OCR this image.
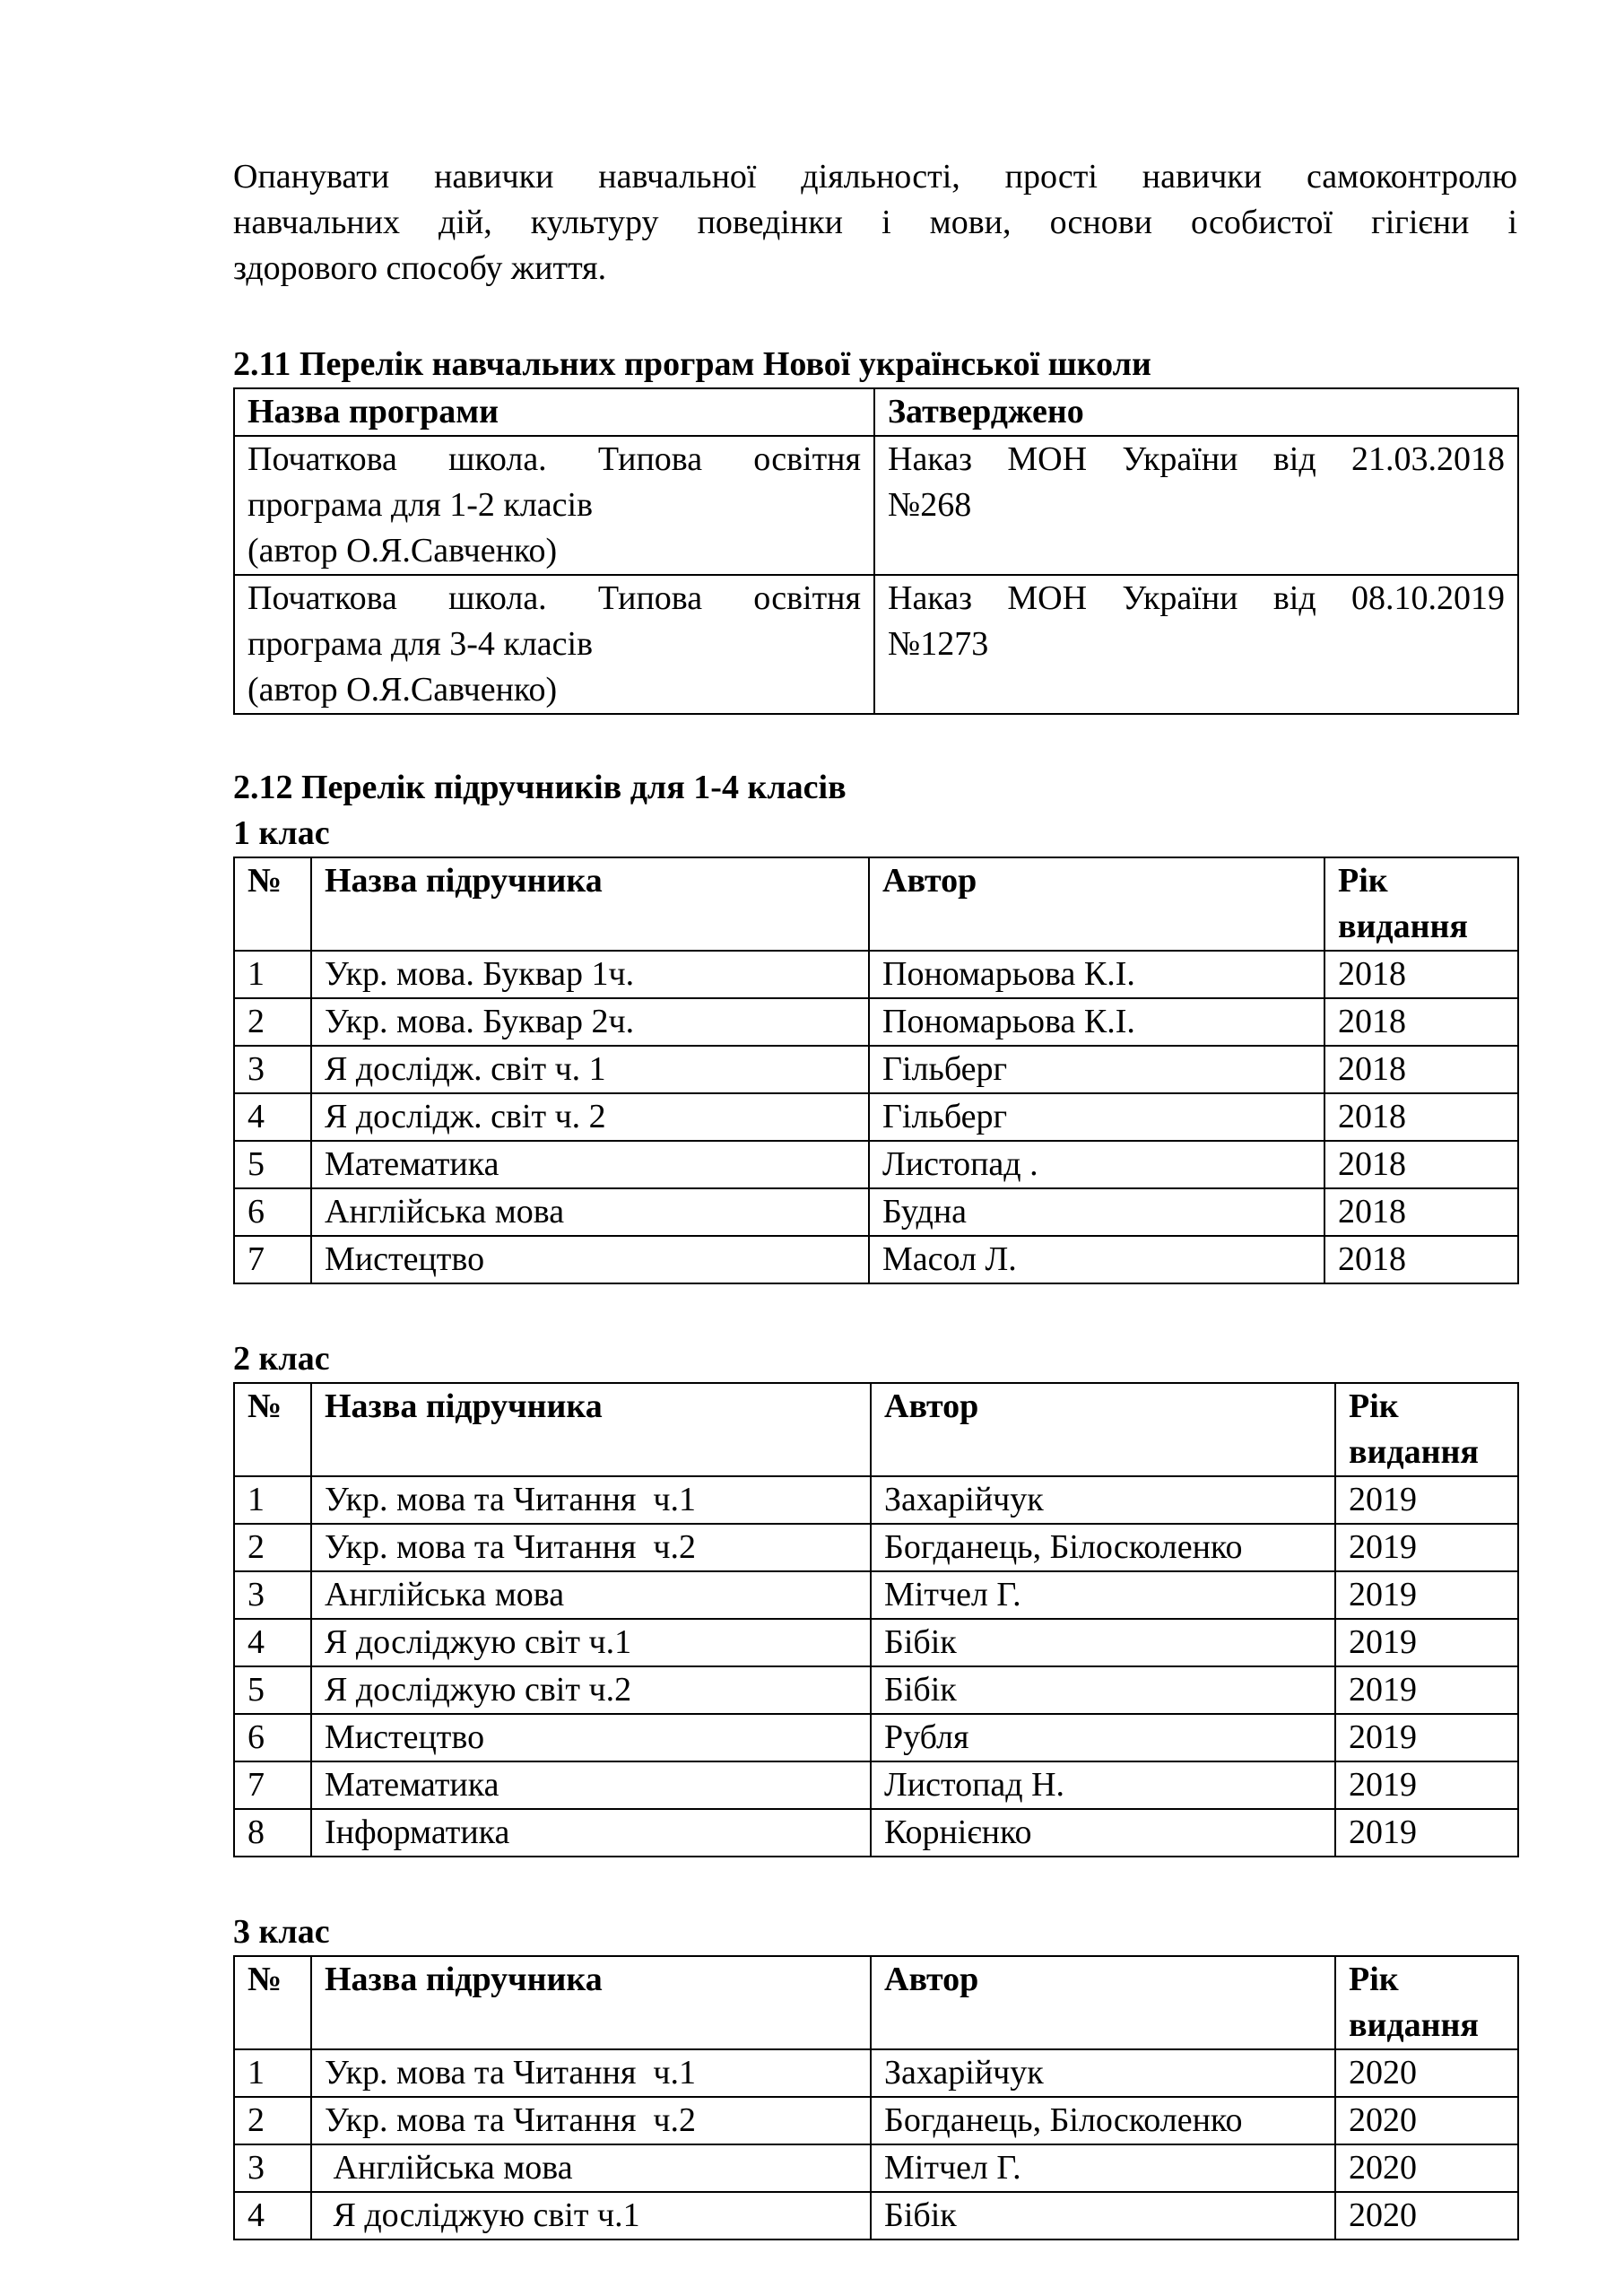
Опанувати навички навчальної діяльності, прості навички самоконтролю
навчальних дій, культуру поведінки і мови, основи особистої гігієни і
здорового способу життя.
2.11 Перелік навчальних програм Нової української школи
Назва програми	Затверджено

Початкова школа. Типова освітня
програма для 1-2 класів
(автор О.Я.Савченко)	Наказ МОН України від 21.03.2018
№268

Початкова школа. Типова освітня
програма для 3-4 класів
(автор О.Я.Савченко)	Наказ МОН України від 08.10.2019
№1273
2.12 Перелік підручників для 1-4 класів
1 клас
№	Назва підручника	Автор	Рік
видання

1	Укр. мова. Буквар 1ч.	Пономарьова К.І.	2018
2	Укр. мова. Буквар 2ч.	Пономарьова К.І.	2018
3	Я дослідж. світ ч. 1	Гільберг	2018
4	Я дослідж. світ ч. 2	Гільберг	2018
5	Математика	Листопад .	2018
6	Англійська мова	Будна	2018
7	Мистецтво	Масол Л.	2018
2 клас
№	Назва підручника	Автор	Рік
видання

1	Укр. мова та Читання  ч.1	Захарійчук	2019
2	Укр. мова та Читання  ч.2	Богданець, Білосколенко	2019
3	Англійська мова	Мітчел Г.	2019
4	Я досліджую світ ч.1	Бібік	2019
5	Я досліджую світ ч.2	Бібік	2019
6	Мистецтво	Рубля	2019
7	Математика	Листопад Н.	2019
8	Інформатика	Корнієнко	2019
3 клас
№	Назва підручника	Автор	Рік
видання

1	Укр. мова та Читання  ч.1	Захарійчук	2020
2	Укр. мова та Читання  ч.2	Богданець, Білосколенко	2020
3	Англійська мова	Мітчел Г.	2020
4	Я досліджую світ ч.1	Бібік	2020
